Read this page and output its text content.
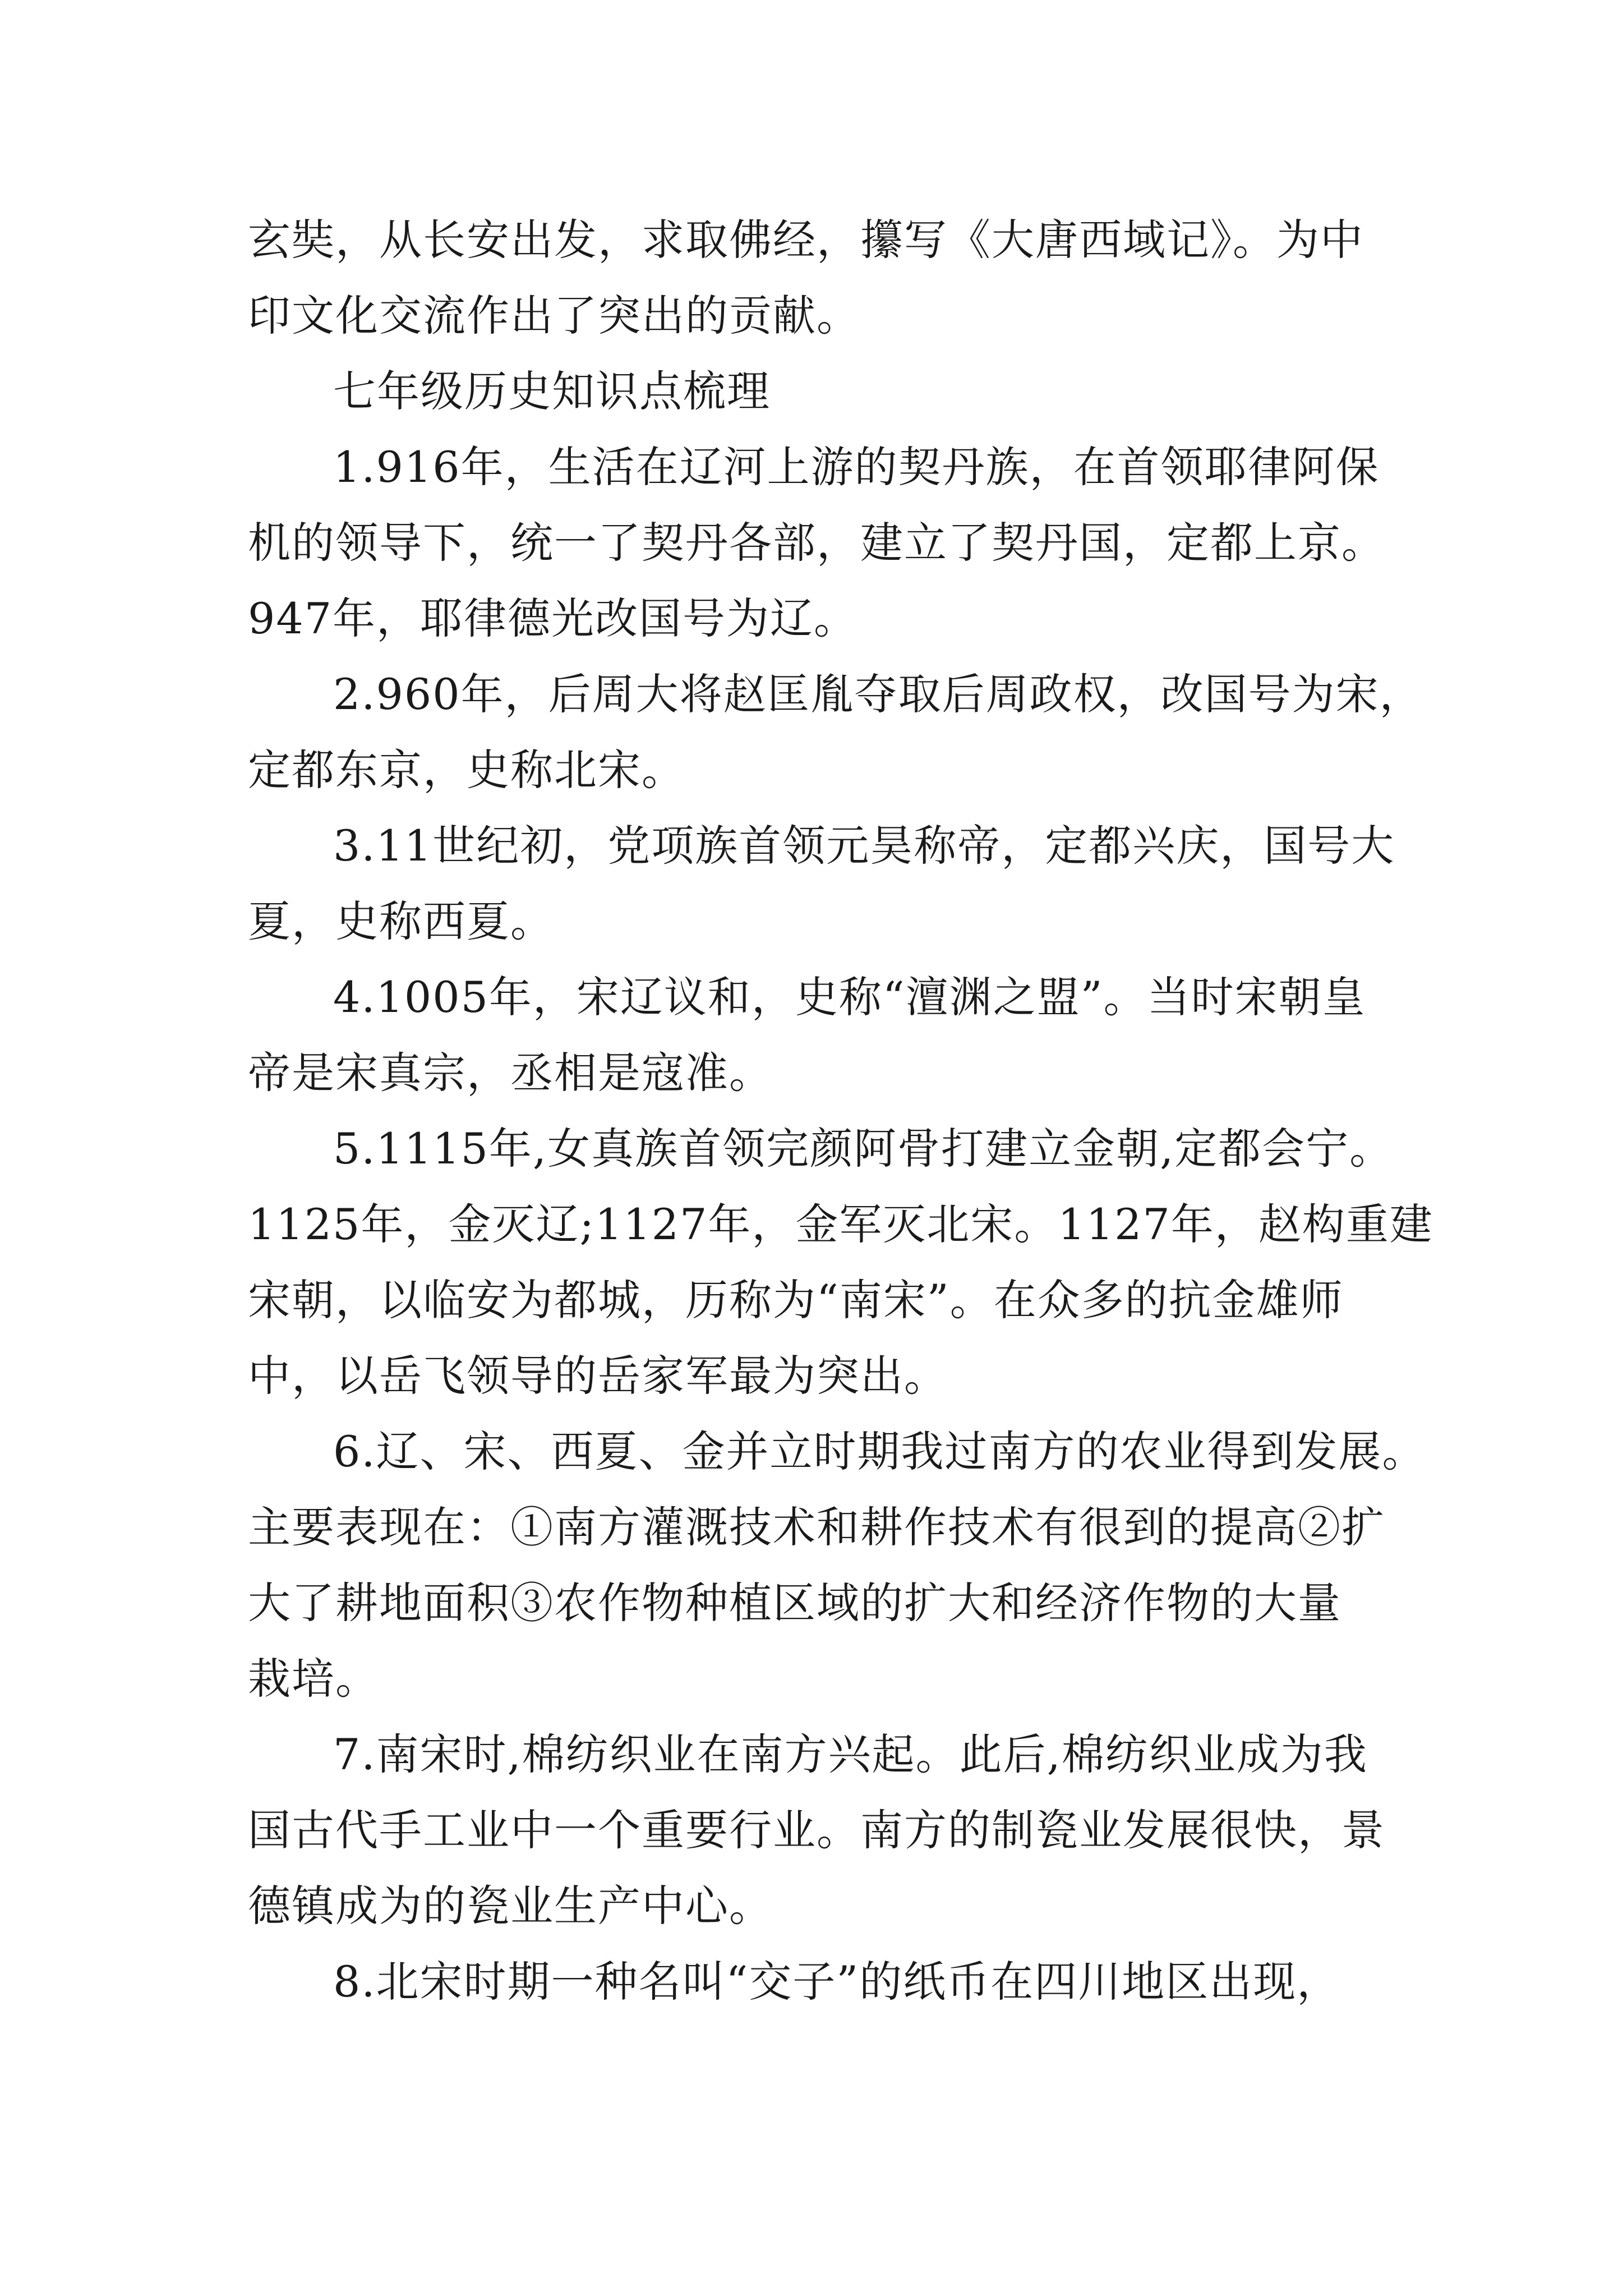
玄奘，从长安出发，求取佛经，攥写《大唐西域记》。为中
印文化交流作出了突出的贡献。

七年级历史知识点梳理

1.916年，生活在辽河上游的契丹族，在首领耶律阿保
机的领导下，统一了契丹各部，建立了契丹国，定都上京。
947年，耶律德光改国号为辽。

2.960年，后周大将赵匡胤夺取后周政权，改国号为宋，
定都东京，史称北宋。

3.11世纪初，党项族首领元昊称帝，定都兴庆，国号大
夏，史称西夏。

4.1005年，宋辽议和，史称“澶渊之盟”。当时宋朝皇
帝是宋真宗，丞相是寇准。

5.1115年,女真族首领完颜阿骨打建立金朝,定都会宁。
1125年，金灭辽;1127年，金军灭北宋。1127年，赵构重建
宋朝，以临安为都城，历称为“南宋”。在众多的抗金雄师
中，以岳飞领导的岳家军最为突出。

6.辽、宋、西夏、金并立时期我过南方的农业得到发展。
主要表现在：①南方灌溉技术和耕作技术有很到的提高②扩
大了耕地面积③农作物种植区域的扩大和经济作物的大量
栽培。

7.南宋时,棉纺织业在南方兴起。此后,棉纺织业成为我
国古代手工业中一个重要行业。南方的制瓷业发展很快，景
德镇成为的瓷业生产中心。

8.北宋时期一种名叫“交子”的纸币在四川地区出现，
